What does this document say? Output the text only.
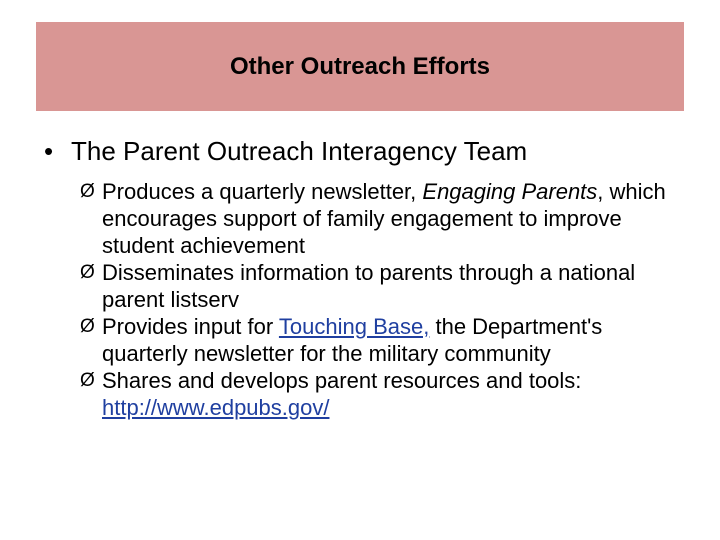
Other Outreach Efforts
• The Parent Outreach Interagency Team
Ø Produces a quarterly newsletter, Engaging Parents, which encourages support of family engagement to improve student achievement
Ø Disseminates information to parents through a national parent listserv
Ø Provides input for Touching Base, the Department's quarterly newsletter for the military community
Ø Shares and develops parent resources and tools: http://www.edpubs.gov/
